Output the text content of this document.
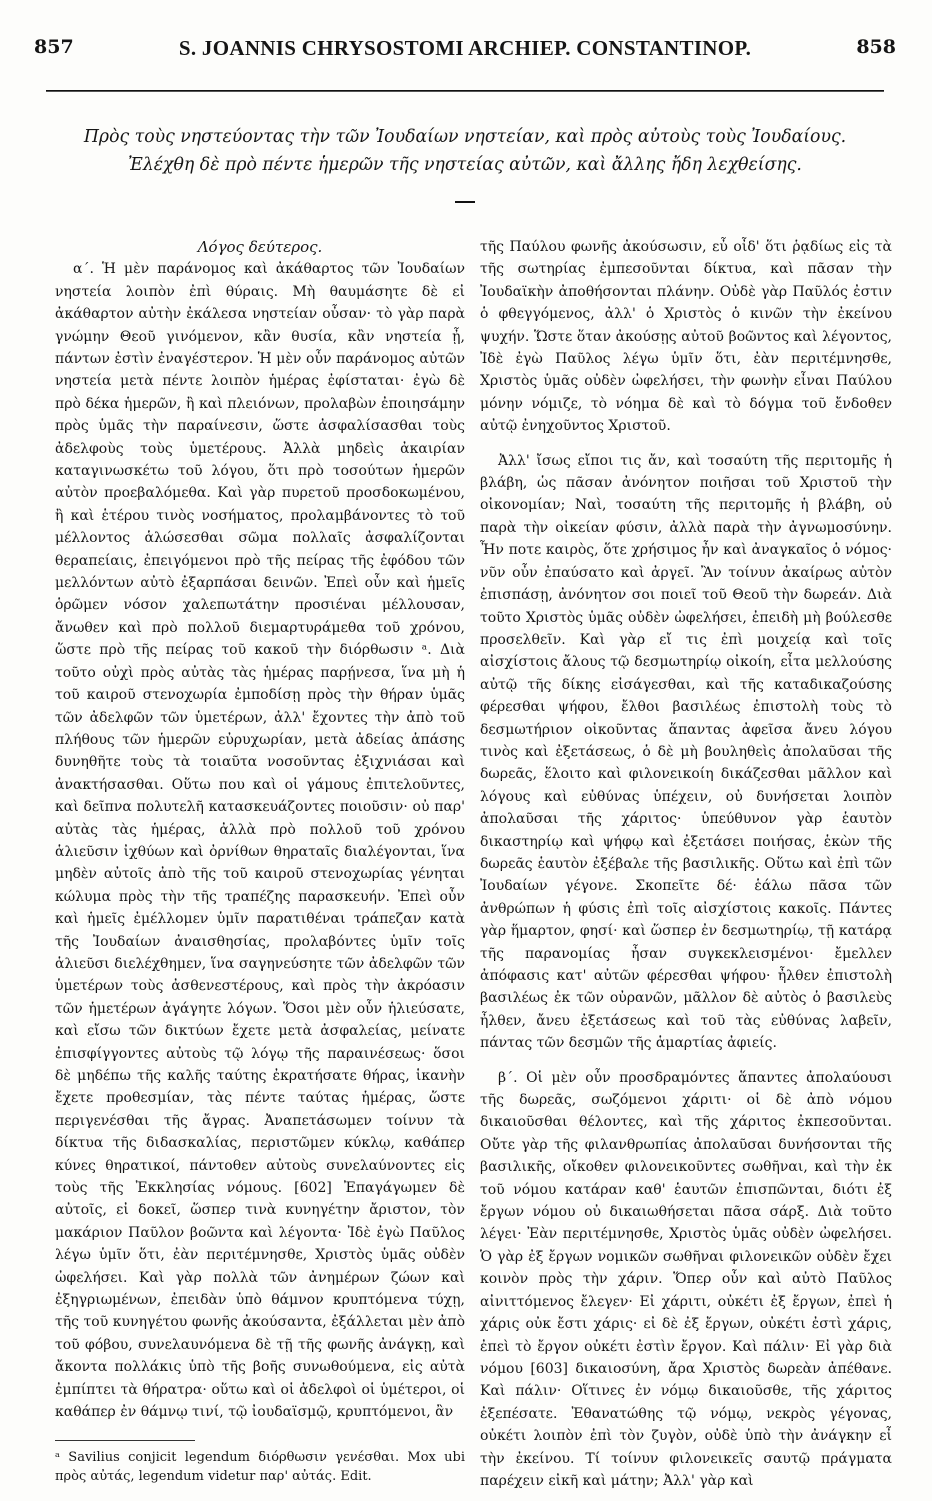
857	S. JOANNIS CHRYSOSTOMI ARCHIEP. CONSTANTINOP.	858
Πρὸς τοὺς νηστεύοντας τὴν τῶν Ἰουδαίων νηστείαν, καὶ πρὸς αὐτοὺς τοὺς Ἰουδαίους. Ἐλέχθη δὲ πρὸ πέντε ἡμερῶν τῆς νηστείας αὐτῶν, καὶ ἄλλης ἤδη λεχθείσης.
Λόγος δεύτερος.

α΄. Ἡ μὲν παράνομος καὶ ἀκάθαρτος τῶν Ἰουδαίων νηστεία λοιπὸν ἐπὶ θύραις. Μὴ θαυμάσητε δὲ εἰ ἀκάθαρτον αὐτὴν ἐκάλεσα νηστείαν οὖσαν· τὸ γὰρ παρὰ γνώμην Θεοῦ γινόμενον, κἂν θυσία, κἂν νηστεία ᾖ, πάντων ἐστὶν ἐναγέστερον. Ἡ μὲν οὖν παράνομος αὐτῶν νηστεία μετὰ πέντε λοιπὸν ἡμέρας ἐφίσταται· ἐγὼ δὲ πρὸ δέκα ἡμερῶν, ἢ καὶ πλειόνων, προλαβὼν ἐποιησάμην πρὸς ὑμᾶς τὴν παραίνεσιν, ὥστε ἀσφαλίσασθαι τοὺς ἀδελφοὺς τοὺς ὑμετέρους. Ἀλλὰ μηδεὶς ἀκαιρίαν καταγινωσκέτω τοῦ λόγου, ὅτι πρὸ τοσούτων ἡμερῶν αὐτὸν προεβαλόμεθα. Καὶ γὰρ πυρετοῦ προσδοκωμένου, ἢ καὶ ἑτέρου τινὸς νοσήματος, προλαμβάνοντες τὸ τοῦ μέλλοντος ἁλώσεσθαι σῶμα πολλαῖς ἀσφαλίζονται θεραπείαις, ἐπειγόμενοι πρὸ τῆς πείρας τῆς ἐφόδου τῶν μελλόντων αὐτὸ ἐξαρπάσαι δεινῶν. Ἐπεὶ οὖν καὶ ἡμεῖς ὁρῶμεν νόσον χαλεπωτάτην προσιέναι μέλλουσαν, ἄνωθεν καὶ πρὸ πολλοῦ διεμαρτυράμεθα τοῦ χρόνου, ὥστε πρὸ τῆς πείρας τοῦ κακοῦ τὴν διόρθωσιν ᵃ. Διὰ τοῦτο οὐχὶ πρὸς αὐτὰς τὰς ἡμέρας παρῄνεσα, ἵνα μὴ ἡ τοῦ καιροῦ στενοχωρία ἐμποδίσῃ πρὸς τὴν θήραν ὑμᾶς τῶν ἀδελφῶν τῶν ὑμετέρων, ἀλλ' ἔχοντες τὴν ἀπὸ τοῦ πλήθους τῶν ἡμερῶν εὐρυχωρίαν, μετὰ ἀδείας ἁπάσης δυνηθῆτε τοὺς τὰ τοιαῦτα νοσοῦντας ἐξιχνιάσαι καὶ ἀνακτήσασθαι. Οὕτω που καὶ οἱ γάμους ἐπιτελοῦντες, καὶ δεῖπνα πολυτελῆ κατασκευάζοντες ποιοῦσιν· οὐ παρ' αὐτὰς τὰς ἡμέρας, ἀλλὰ πρὸ πολλοῦ τοῦ χρόνου ἁλιεῦσιν ἰχθύων καὶ ὀρνίθων θηραταῖς διαλέγονται, ἵνα μηδὲν αὐτοῖς ἀπὸ τῆς τοῦ καιροῦ στενοχωρίας γένηται κώλυμα πρὸς τὴν τῆς τραπέζης παρασκευήν. Ἐπεὶ οὖν καὶ ἡμεῖς ἐμέλλομεν ὑμῖν παρατιθέναι τράπεζαν κατὰ τῆς Ἰουδαίων ἀναισθησίας, προλαβόντες ὑμῖν τοῖς ἁλιεῦσι διελέχθημεν, ἵνα σαγηνεύσητε τῶν ἀδελφῶν τῶν ὑμετέρων τοὺς ἀσθενεστέρους, καὶ πρὸς τὴν ἀκρόασιν τῶν ἡμετέρων ἀγάγητε λόγων. Ὅσοι μὲν οὖν ἡλιεύσατε, καὶ εἴσω τῶν δικτύων ἔχετε μετὰ ἀσφαλείας, μείνατε ἐπισφίγγοντες αὐτοὺς τῷ λόγῳ τῆς παραινέσεως· ὅσοι δὲ μηδέπω τῆς καλῆς ταύτης ἐκρατήσατε θήρας, ἱκανὴν ἔχετε προθεσμίαν, τὰς πέντε ταύτας ἡμέρας, ὥστε περιγενέσθαι τῆς ἄγρας. Ἀναπετάσωμεν τοίνυν τὰ δίκτυα τῆς διδασκαλίας, περιστῶμεν κύκλῳ, καθάπερ κύνες θηρατικοί, πάντοθεν αὐτοὺς συνελαύνοντες εἰς τοὺς τῆς Ἐκκλησίας νόμους. [602] Ἐπαγάγωμεν δὲ αὐτοῖς, εἰ δοκεῖ, ὥσπερ τινὰ κυνηγέτην ἄριστον, τὸν μακάριον Παῦλον βοῶντα καὶ λέγοντα· Ἰδὲ ἐγὼ Παῦλος λέγω ὑμῖν ὅτι, ἐὰν περιτέμνησθε, Χριστὸς ὑμᾶς οὐδὲν ὠφελήσει. Καὶ γὰρ πολλὰ τῶν ἀνημέρων ζώων καὶ ἐξηγριωμένων, ἐπειδὰν ὑπὸ θάμνον κρυπτόμενα τύχῃ, τῆς τοῦ κυνηγέτου φωνῆς ἀκούσαντα, ἐξάλλεται μὲν ἀπὸ τοῦ φόβου, συνελαυνόμενα δὲ τῇ τῆς φωνῆς ἀνάγκῃ, καὶ ἄκοντα πολλάκις ὑπὸ τῆς βοῆς συνωθούμενα, εἰς αὐτὰ ἐμπίπτει τὰ θήρατρα· οὕτω καὶ οἱ ἀδελφοὶ οἱ ὑμέτεροι, οἱ καθάπερ ἐν θάμνῳ τινί, τῷ ἰουδαϊσμῷ, κρυπτόμενοι, ἂν

τῆς Παύλου φωνῆς ἀκούσωσιν, εὖ οἶδ' ὅτι ῥᾳδίως εἰς τὰ τῆς σωτηρίας ἐμπεσοῦνται δίκτυα, καὶ πᾶσαν τὴν Ἰουδαϊκὴν ἀποθήσονται πλάνην. Οὐδὲ γὰρ Παῦλός ἐστιν ὁ φθεγγόμενος, ἀλλ' ὁ Χριστὸς ὁ κινῶν τὴν ἐκείνου ψυχήν. Ὥστε ὅταν ἀκούσῃς αὐτοῦ βοῶντος καὶ λέγοντος, Ἰδὲ ἐγὼ Παῦλος λέγω ὑμῖν ὅτι, ἐὰν περιτέμνησθε, Χριστὸς ὑμᾶς οὐδὲν ὠφελήσει, τὴν φωνὴν εἶναι Παύλου μόνην νόμιζε, τὸ νόημα δὲ καὶ τὸ δόγμα τοῦ ἔνδοθεν αὐτῷ ἐνηχοῦντος Χριστοῦ.

Ἀλλ' ἴσως εἴποι τις ἄν, καὶ τοσαύτη τῆς περιτομῆς ἡ βλάβη, ὡς πᾶσαν ἀνόνητον ποιῆσαι τοῦ Χριστοῦ τὴν οἰκονομίαν; Ναὶ, τοσαύτη τῆς περιτομῆς ἡ βλάβη, οὐ παρὰ τὴν οἰκείαν φύσιν, ἀλλὰ παρὰ τὴν ἀγνωμοσύνην. Ἦν ποτε καιρὸς, ὅτε χρήσιμος ἦν καὶ ἀναγκαῖος ὁ νόμος· νῦν οὖν ἐπαύσατο καὶ ἀργεῖ. Ἂν τοίνυν ἀκαίρως αὐτὸν ἐπισπάσῃ, ἀνόνητον σοι ποιεῖ τοῦ Θεοῦ τὴν δωρεάν. Διὰ τοῦτο Χριστὸς ὑμᾶς οὐδὲν ὠφελήσει, ἐπειδὴ μὴ βούλεσθε προσελθεῖν. Καὶ γὰρ εἴ τις ἐπὶ μοιχείᾳ καὶ τοῖς αἰσχίστοις ἄλους τῷ δεσμωτηρίῳ οἰκοίη, εἶτα μελλούσης αὐτῷ τῆς δίκης εἰσάγεσθαι, καὶ τῆς καταδικαζούσης φέρεσθαι ψήφου, ἔλθοι βασιλέως ἐπιστολὴ τοὺς τὸ δεσμωτήριον οἰκοῦντας ἅπαντας ἀφεῖσα ἄνευ λόγου τινὸς καὶ ἐξετάσεως, ὁ δὲ μὴ βουληθεὶς ἀπολαῦσαι τῆς δωρεᾶς, ἕλοιτο καὶ φιλονεικοίη δικάζεσθαι μᾶλλον καὶ λόγους καὶ εὐθύνας ὑπέχειν, οὐ δυνήσεται λοιπὸν ἀπολαῦσαι τῆς χάριτος· ὑπεύθυνον γὰρ ἑαυτὸν δικαστηρίῳ καὶ ψήφῳ καὶ ἐξετάσει ποιήσας, ἑκὼν τῆς δωρεᾶς ἑαυτὸν ἐξέβαλε τῆς βασιλικῆς. Οὕτω καὶ ἐπὶ τῶν Ἰουδαίων γέγονε. Σκοπεῖτε δέ· ἑάλω πᾶσα τῶν ἀνθρώπων ἡ φύσις ἐπὶ τοῖς αἰσχίστοις κακοῖς. Πάντες γὰρ ἥμαρτον, φησί· καὶ ὥσπερ ἐν δεσμωτηρίῳ, τῇ κατάρᾳ τῆς παρανομίας ἦσαν συγκεκλεισμένοι· ἔμελλεν ἀπόφασις κατ' αὐτῶν φέρεσθαι ψήφου· ἦλθεν ἐπιστολὴ βασιλέως ἐκ τῶν οὐρανῶν, μᾶλλον δὲ αὐτὸς ὁ βασιλεὺς ἦλθεν, ἄνευ ἐξετάσεως καὶ τοῦ τὰς εὐθύνας λαβεῖν, πάντας τῶν δεσμῶν τῆς ἁμαρτίας ἀφιείς.

β΄. Οἱ μὲν οὖν προσδραμόντες ἅπαντες ἀπολαύουσι τῆς δωρεᾶς, σωζόμενοι χάριτι· οἱ δὲ ἀπὸ νόμου δικαιοῦσθαι θέλοντες, καὶ τῆς χάριτος ἐκπεσοῦνται. Οὔτε γὰρ τῆς φιλανθρωπίας ἀπολαῦσαι δυνήσονται τῆς βασιλικῆς, οἴκοθεν φιλονεικοῦντες σωθῆναι, καὶ τὴν ἐκ τοῦ νόμου κατάραν καθ' ἑαυτῶν ἐπισπῶνται, διότι ἐξ ἔργων νόμου οὐ δικαιωθήσεται πᾶσα σάρξ. Διὰ τοῦτο λέγει· Ἐὰν περιτέμνησθε, Χριστὸς ὑμᾶς οὐδὲν ὠφελήσει. Ὁ γὰρ ἐξ ἔργων νομικῶν σωθῆναι φιλονεικῶν οὐδὲν ἔχει κοινὸν πρὸς τὴν χάριν. Ὅπερ οὖν καὶ αὐτὸ Παῦλος αἰνιττόμενος ἔλεγεν· Εἰ χάριτι, οὐκέτι ἐξ ἔργων, ἐπεὶ ἡ χάρις οὐκ ἔστι χάρις· εἰ δὲ ἐξ ἔργων, οὐκέτι ἐστὶ χάρις, ἐπεὶ τὸ ἔργον οὐκέτι ἐστὶν ἔργον. Καὶ πάλιν· Εἰ γὰρ διὰ νόμου [603] δικαιοσύνη, ἄρα Χριστὸς δωρεὰν ἀπέθανε. Καὶ πάλιν· Οἵτινες ἐν νόμῳ δικαιοῦσθε, τῆς χάριτος ἐξεπέσατε. Ἐθανατώθης τῷ νόμῳ, νεκρὸς γέγονας, οὐκέτι λοιπὸν ἐπὶ τὸν ζυγὸν, οὐδὲ ὑπὸ τὴν ἀνάγκην εἶ τὴν ἐκείνου. Τί τοίνυν φιλονεικεῖς σαυτῷ πράγματα παρέχειν εἰκῆ καὶ μάτην; Ἀλλ' γὰρ καὶ

ᵃ Savilius conjicit legendum διόρθωσιν γενέσθαι. Mox ubi πρὸς αὐτάς, legendum videtur παρ' αὐτάς. Edit.
